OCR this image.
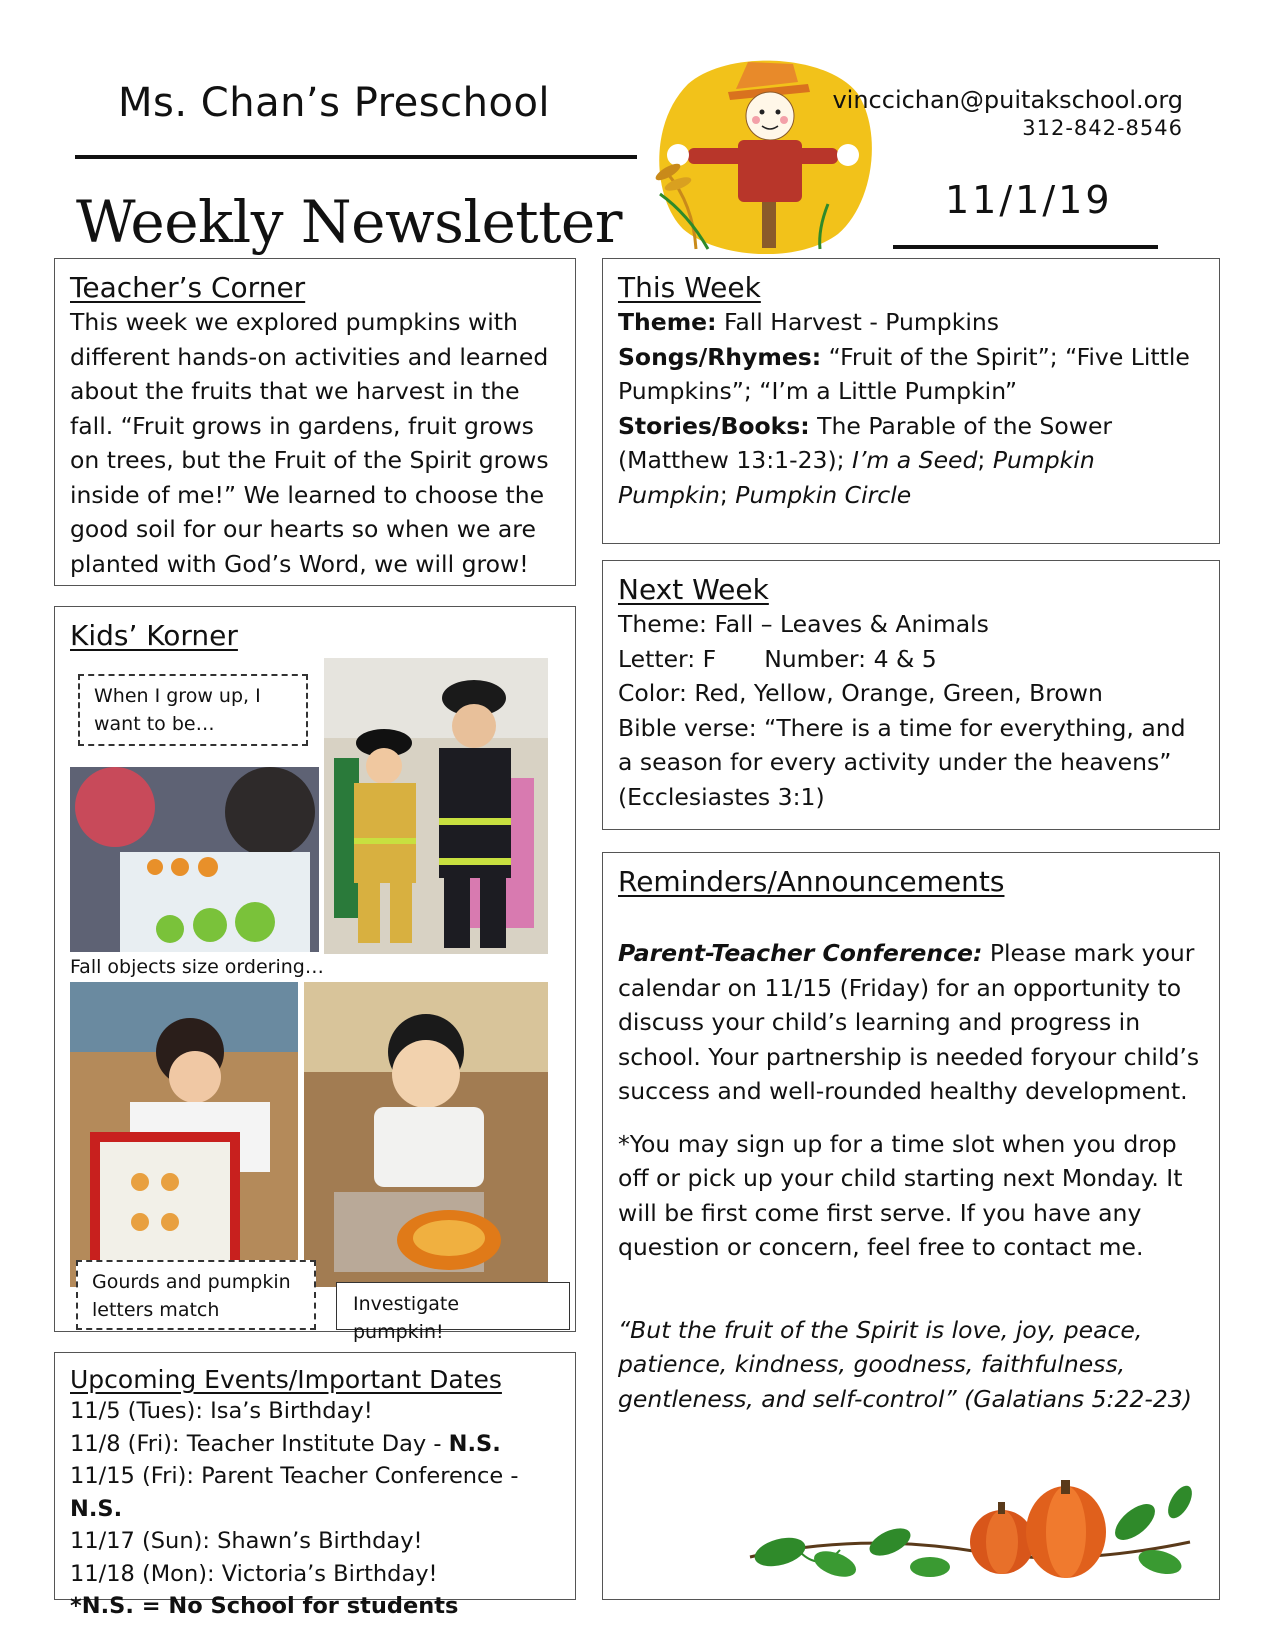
Ms. Chan’s Preschool
Weekly Newsletter
vinccichan@puitakschool.org
312-842-8546
11/1/19
Teacher’s Corner

This week we explored pumpkins with different hands-on activities and learned about the fruits that we harvest in the fall. “Fruit grows in gardens, fruit grows on trees, but the Fruit of the Spirit grows inside of me!” We learned to choose the good soil for our hearts so when we are planted with God’s Word, we will grow!

Kids’ Korner
When I grow up, I want to be…
Fall objects size ordering…
Gourds and pumpkin letters match	Investigate pumpkin!
Upcoming Events/Important Dates
11/5 (Tues): Isa’s Birthday!
11/8 (Fri): Teacher Institute Day - N.S.
11/15 (Fri): Parent Teacher Conference - N.S.
11/17 (Sun): Shawn’s Birthday!
11/18 (Mon): Victoria’s Birthday!
*N.S. = No School for students
This Week

Theme: Fall Harvest - Pumpkins

Songs/Rhymes: “Fruit of the Spirit”; “Five Little Pumpkins”; “I’m a Little Pumpkin”

Stories/Books: The Parable of the Sower (Matthew 13:1-23); I’m a Seed; Pumpkin Pumpkin; Pumpkin Circle

Next Week

Theme: Fall – Leaves & Animals

Letter: F Number: 4 & 5

Color: Red, Yellow, Orange, Green, Brown

Bible verse: “There is a time for everything, and a season for every activity under the heavens” (Ecclesiastes 3:1)

Reminders/Announcements

Parent-Teacher Conference: Please mark your calendar on 11/15 (Friday) for an opportunity to discuss your child’s learning and progress in school. Your partnership is needed foryour child’s success and well-rounded healthy development.

*You may sign up for a time slot when you drop off or pick up your child starting next Monday. It will be first come first serve. If you have any question or concern, feel free to contact me.

“But the fruit of the Spirit is love, joy, peace, patience, kindness, goodness, faithfulness, gentleness, and self-control” (Galatians 5:22-23)
